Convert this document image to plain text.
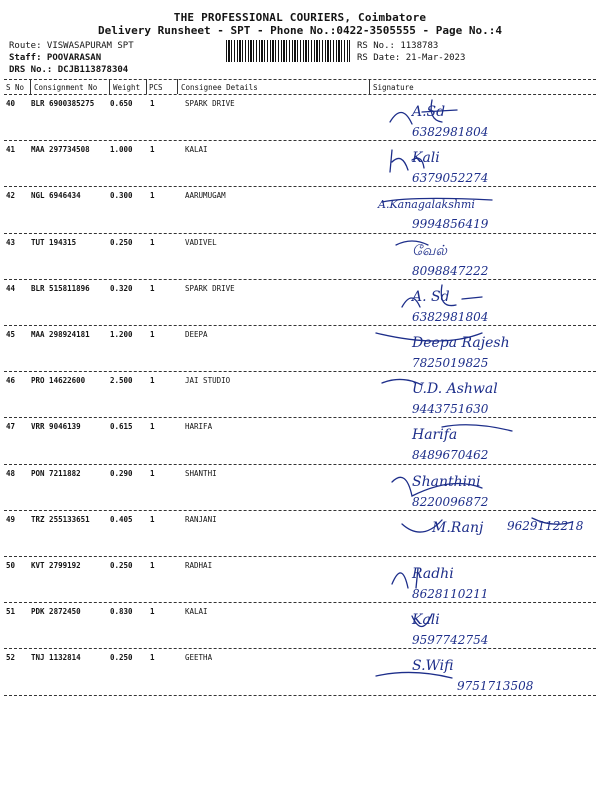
THE PROFESSIONAL COURIERS, Coimbatore
Delivery Runsheet - SPT - Phone No.:0422-3505555 - Page No.:4
Route: VISWASAPURAM SPT
Staff: POOVARASAN
DRS No.: DCJB113878304
RS No.: 1138783
RS Date: 21-Mar-2023
S No Consignment No Weight PCS Consignee Details	Signature
40 BLR 6900385275 0.650 1	SPARK DRIVE
A.Sd
6382981804
41 MAA 297734508	1.000 1	KALAI
Kali
6379052274
42 NGL 6946434	0.300 1	AARUMUGAM
A.Kanagalakshmi
9994856419
43 TUT 194315	0.250 1	VADIVEL
வேல்
8098847222
44 BLR 515811896	0.320 1	SPARK DRIVE
A. Sd
6382981804
45 MAA 298924181	1.200 1	DEEPA
Deepa Rajesh
7825019825
46 PRO 14622600	2.500 1	JAI STUDIO
U.D. Ashwal
9443751630
47 VRR 9046139	0.615 1	HARIFA
Harifa
8489670462
48 PON 7211882	0.290 1	SHANTHI
Shanthini
8220096872
49 TRZ 255133651	0.405 1	RANJANI
M.Ranj 9629112218
50 KVT 2799192	0.250 1	RADHAI
Radhi
8628110211
51 PDK 2872450	0.830 1	KALAI
Kali
9597742754
52 TNJ 1132814	0.250 1	GEETHA
S.Wifi
9751713508
